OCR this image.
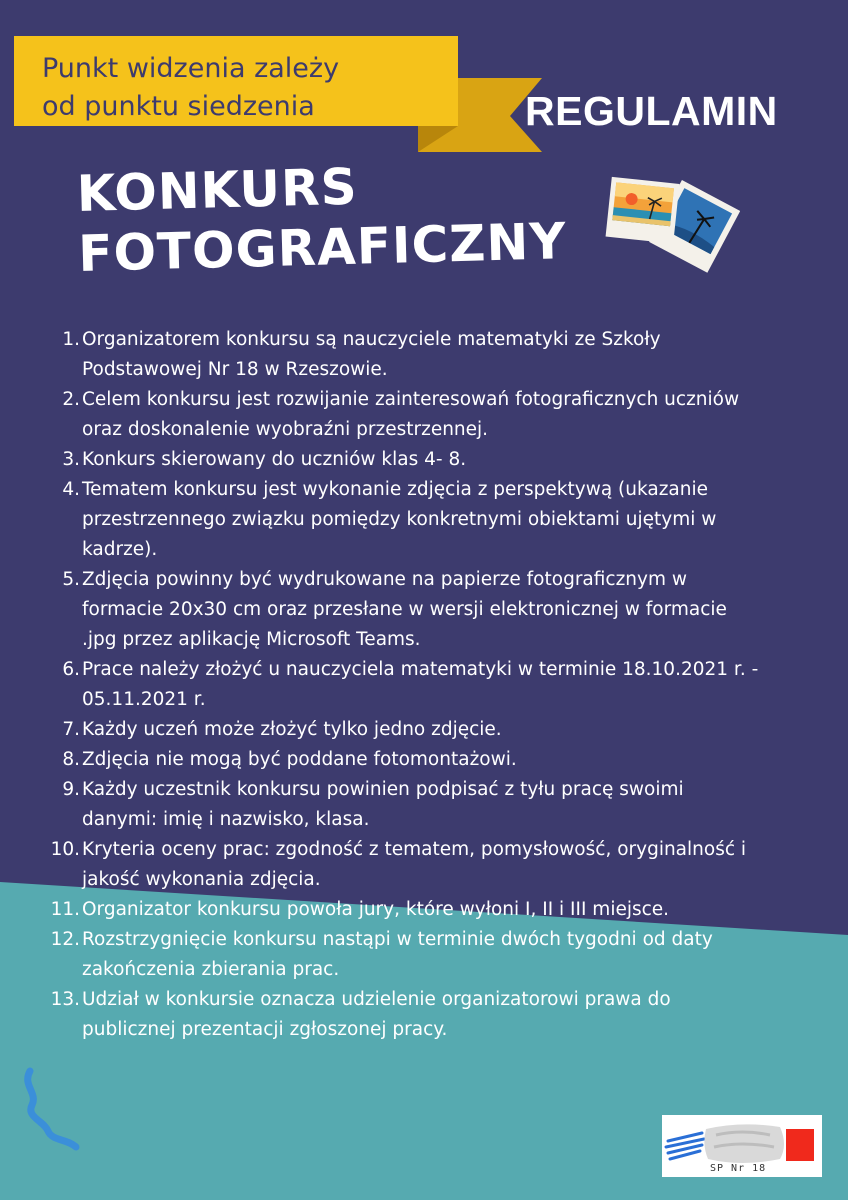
Punkt widzenia zależy
od punktu siedzenia	REGULAMIN
KONKURS
FOTOGRAFICZNY
1. Organizatorem konkursu są nauczyciele matematyki ze Szkoły Podstawowej Nr 18 w Rzeszowie.
2. Celem konkursu jest rozwijanie zainteresowań fotograficznych uczniów oraz doskonalenie wyobraźni przestrzennej.
3. Konkurs skierowany do uczniów klas 4- 8.
4. Tematem konkursu jest wykonanie zdjęcia z perspektywą (ukazanie przestrzennego związku pomiędzy konkretnymi obiektami ujętymi w kadrze).
5. Zdjęcia powinny być wydrukowane na papierze fotograficznym w formacie 20x30 cm oraz przesłane w wersji elektronicznej w formacie .jpg przez aplikację Microsoft Teams.
6. Prace należy złożyć u nauczyciela matematyki w terminie 18.10.2021 r. - 05.11.2021 r.
7. Każdy uczeń może złożyć tylko jedno zdjęcie.
8. Zdjęcia nie mogą być poddane fotomontażowi.
9. Każdy uczestnik konkursu powinien podpisać z tyłu pracę swoimi danymi: imię i nazwisko, klasa.
10. Kryteria oceny prac: zgodność z tematem, pomysłowość, oryginalność i jakość wykonania zdjęcia.
11. Organizator konkursu powoła jury, które wyłoni I, II i III miejsce.
12. Rozstrzygnięcie konkursu nastąpi w terminie dwóch tygodni od daty zakończenia zbierania prac.
13. Udział w konkursie oznacza udzielenie organizatorowi prawa do publicznej prezentacji zgłoszonej pracy.
SP Nr 18
